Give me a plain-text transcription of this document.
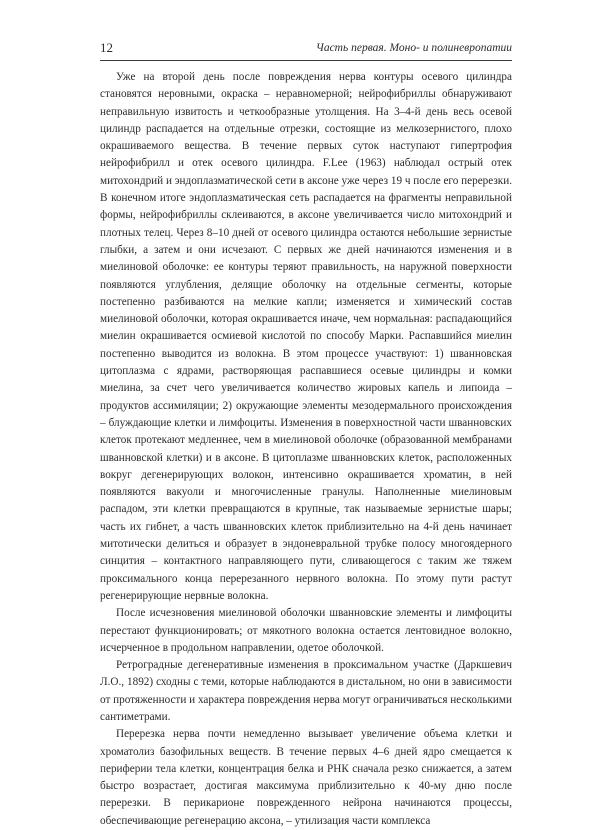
12	Часть первая. Моно- и полиневропатии

Уже на второй день после повреждения нерва контуры осевого цилиндра становятся неровными, окраска – неравномерной; нейрофибриллы обнаруживают неправильную извитость и четкообразные утолщения. На 3–4-й день весь осевой цилиндр распадается на отдельные отрезки, состоящие из мелкозернистого, плохо окрашиваемого вещества. В течение первых суток наступают гипертрофия нейрофибрилл и отек осевого цилиндра. F.Lee (1963) наблюдал острый отек митохондрий и эндоплазматической сети в аксоне уже через 19 ч после его перерезки. В конечном итоге эндоплазматическая сеть распадается на фрагменты неправильной формы, нейрофибриллы склеиваются, в аксоне увеличивается число митохондрий и плотных телец. Через 8–10 дней от осевого цилиндра остаются небольшие зернистые глыбки, а затем и они исчезают. С первых же дней начинаются изменения и в миелиновой оболочке: ее контуры теряют правильность, на наружной поверхности появляются углубления, делящие оболочку на отдельные сегменты, которые постепенно разбиваются на мелкие капли; изменяется и химический состав миелиновой оболочки, которая окрашивается иначе, чем нормальная: распадающийся миелин окрашивается осмиевой кислотой по способу Марки. Распавшийся миелин постепенно выводится из волокна. В этом процессе участвуют: 1) шванновская цитоплазма с ядрами, растворяющая распавшиеся осевые цилиндры и комки миелина, за счет чего увеличивается количество жировых капель и липоида – продуктов ассимиляции; 2) окружающие элементы мезодермального происхождения – блуждающие клетки и лимфоциты. Изменения в поверхностной части шванновских клеток протекают медленнее, чем в миелиновой оболочке (образованной мембранами шванновской клетки) и в аксоне. В цитоплазме шванновских клеток, расположенных вокруг дегенерирующих волокон, интенсивно окрашивается хроматин, в ней появляются вакуоли и многочисленные гранулы. Наполненные миелиновым распадом, эти клетки превращаются в крупные, так называемые зернистые шары; часть их гибнет, а часть шванновских клеток приблизительно на 4-й день начинает митотически делиться и образует в эндоневральной трубке полосу многоядерного синцития – контактного направляющего пути, сливающегося с таким же тяжем проксимального конца перерезанного нервного волокна. По этому пути растут регенерирующие нервные волокна.

После исчезновения миелиновой оболочки шванновские элементы и лимфоциты перестают функционировать; от мякотного волокна остается лентовидное волокно, исчерченное в продольном направлении, одетое оболочкой.

Ретроградные дегенеративные изменения в проксимальном участке (Даркшевич Л.О., 1892) сходны с теми, которые наблюдаются в дистальном, но они в зависимости от протяженности и характера повреждения нерва могут ограничиваться несколькими сантиметрами.

Перерезка нерва почти немедленно вызывает увеличение объема клетки и хроматолиз базофильных веществ. В течение первых 4–6 дней ядро смещается к периферии тела клетки, концентрация белка и РНК сначала резко снижается, а затем быстро возрастает, достигая максимума приблизительно к 40-му дню после перерезки. В перикарионе поврежденного нейрона начинаются процессы, обеспечивающие регенерацию аксона, – утилизация части комплекса
